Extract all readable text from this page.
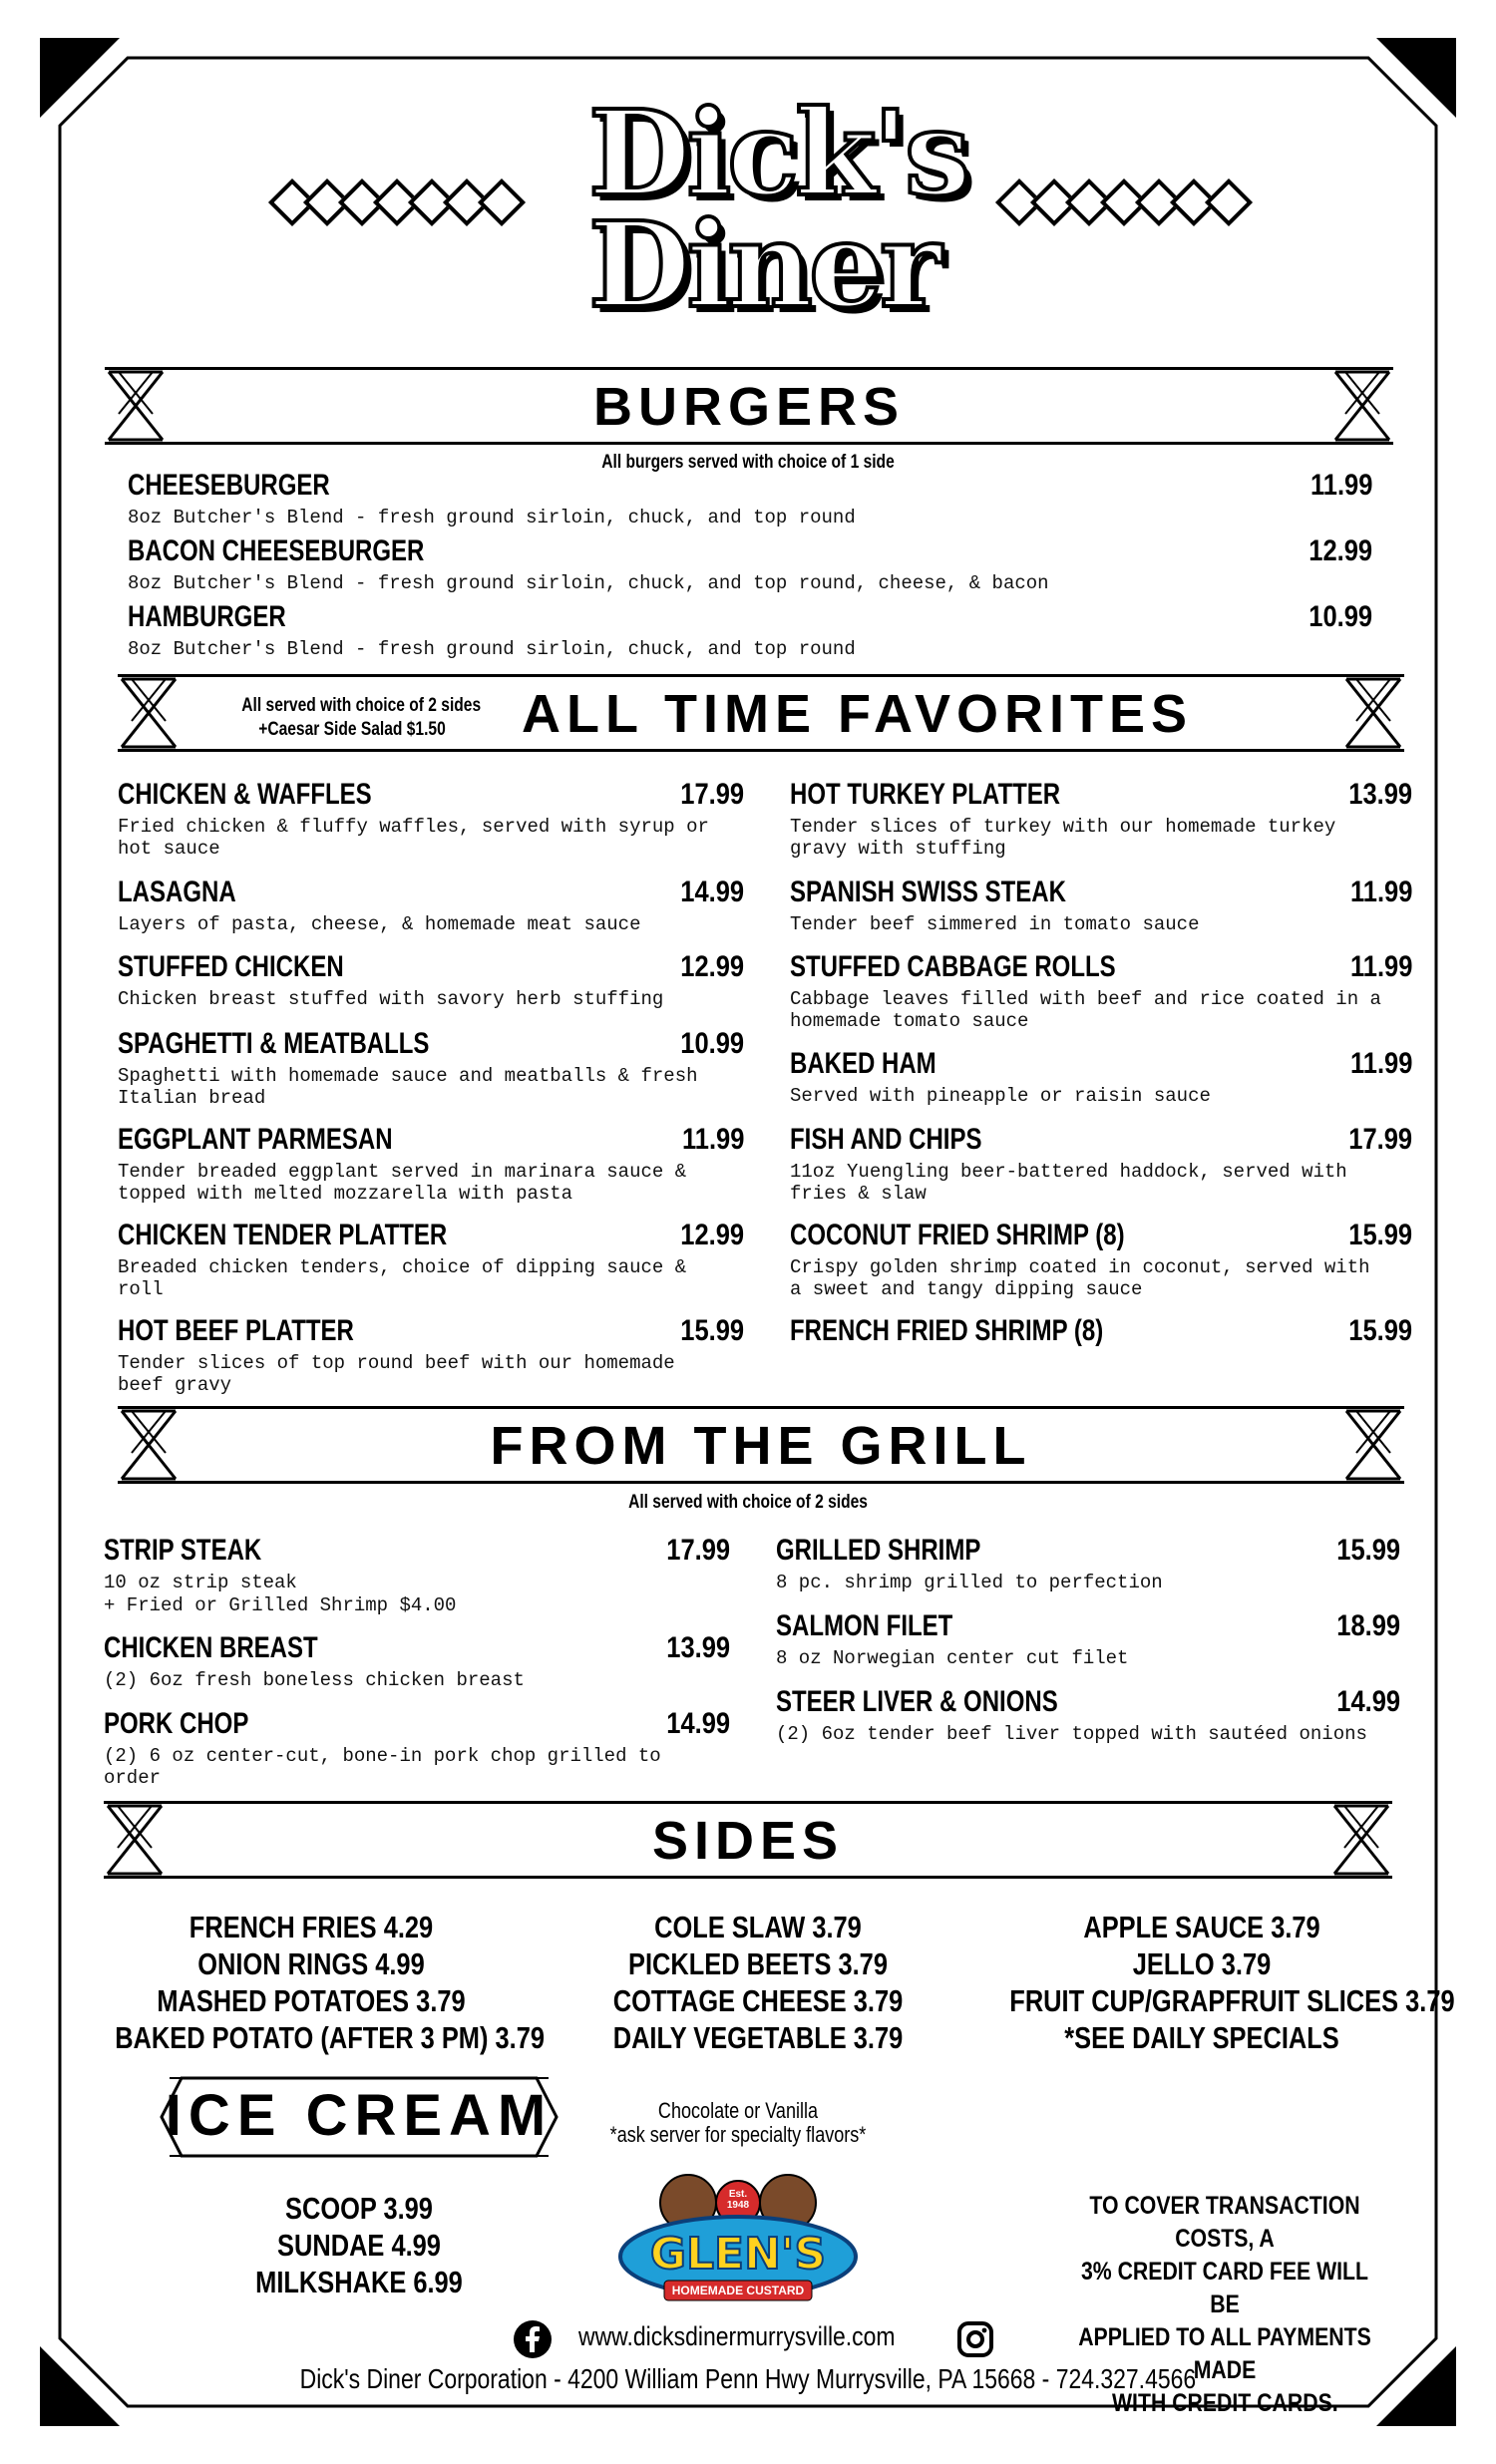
Dick's
Diner
BURGERS
All burgers served with choice of 1 side
CHEESEBURGER	11.99
8oz Butcher's Blend - fresh ground sirloin, chuck, and top round
BACON CHEESEBURGER	12.99
8oz Butcher's Blend - fresh ground sirloin, chuck, and top round, cheese, & bacon
HAMBURGER	10.99
8oz Butcher's Blend - fresh ground sirloin, chuck, and top round
All served with choice of 2 sides
+Caesar Side Salad $1.50	ALL TIME FAVORITES
CHICKEN & WAFFLES	17.99
Fried chicken & fluffy waffles, served with syrup or
hot sauce
LASAGNA	14.99
Layers of pasta, cheese, & homemade meat sauce
STUFFED CHICKEN	12.99
Chicken breast stuffed with savory herb stuffing
SPAGHETTI & MEATBALLS	10.99
Spaghetti with homemade sauce and meatballs & fresh
Italian bread
EGGPLANT PARMESAN	11.99
Tender breaded eggplant served in marinara sauce &
topped with melted mozzarella with pasta
CHICKEN TENDER PLATTER	12.99
Breaded chicken tenders, choice of dipping sauce &
roll
HOT BEEF PLATTER	15.99
Tender slices of top round beef with our homemade
beef gravy
HOT TURKEY PLATTER	13.99
Tender slices of turkey with our homemade turkey
gravy with stuffing
SPANISH SWISS STEAK	11.99
Tender beef simmered in tomato sauce
STUFFED CABBAGE ROLLS	11.99
Cabbage leaves filled with beef and rice coated in a
homemade tomato sauce
BAKED HAM	11.99
Served with pineapple or raisin sauce
FISH AND CHIPS	17.99
11oz Yuengling beer-battered haddock, served with
fries & slaw
COCONUT FRIED SHRIMP (8)	15.99
Crispy golden shrimp coated in coconut, served with
a sweet and tangy dipping sauce
FRENCH FRIED SHRIMP (8)	15.99
FROM THE GRILL
All served with choice of 2 sides
STRIP STEAK	17.99
10 oz strip steak
+ Fried or Grilled Shrimp $4.00
CHICKEN BREAST	13.99
(2) 6oz fresh boneless chicken breast
PORK CHOP	14.99
(2) 6 oz center-cut, bone-in pork chop grilled to
order
GRILLED SHRIMP	15.99
8 pc. shrimp grilled to perfection
SALMON FILET	18.99
8 oz Norwegian center cut filet
STEER LIVER & ONIONS	14.99
(2) 6oz tender beef liver topped with sautéed onions
SIDES
FRENCH FRIES 4.29
ONION RINGS 4.99
MASHED POTATOES 3.79
BAKED POTATO (AFTER 3 PM) 3.79
COLE SLAW 3.79
PICKLED BEETS 3.79
COTTAGE CHEESE 3.79
DAILY VEGETABLE 3.79
APPLE SAUCE 3.79
JELLO 3.79
FRUIT CUP/GRAPFRUIT SLICES 3.79
*SEE DAILY SPECIALS
ICE CREAM	Chocolate or Vanilla
*ask server for specialty flavors*
SCOOP 3.99
SUNDAE 4.99
MILKSHAKE 6.99
Est. 1948
GLEN'S
HOMEMADE CUSTARD
TO COVER TRANSACTION COSTS, A
3% CREDIT CARD FEE WILL BE
APPLIED TO ALL PAYMENTS MADE
WITH CREDIT CARDS.
www.dicksdinermurrysville.com
Dick's Diner Corporation - 4200 William Penn Hwy Murrysville, PA 15668 - 724.327.4566
